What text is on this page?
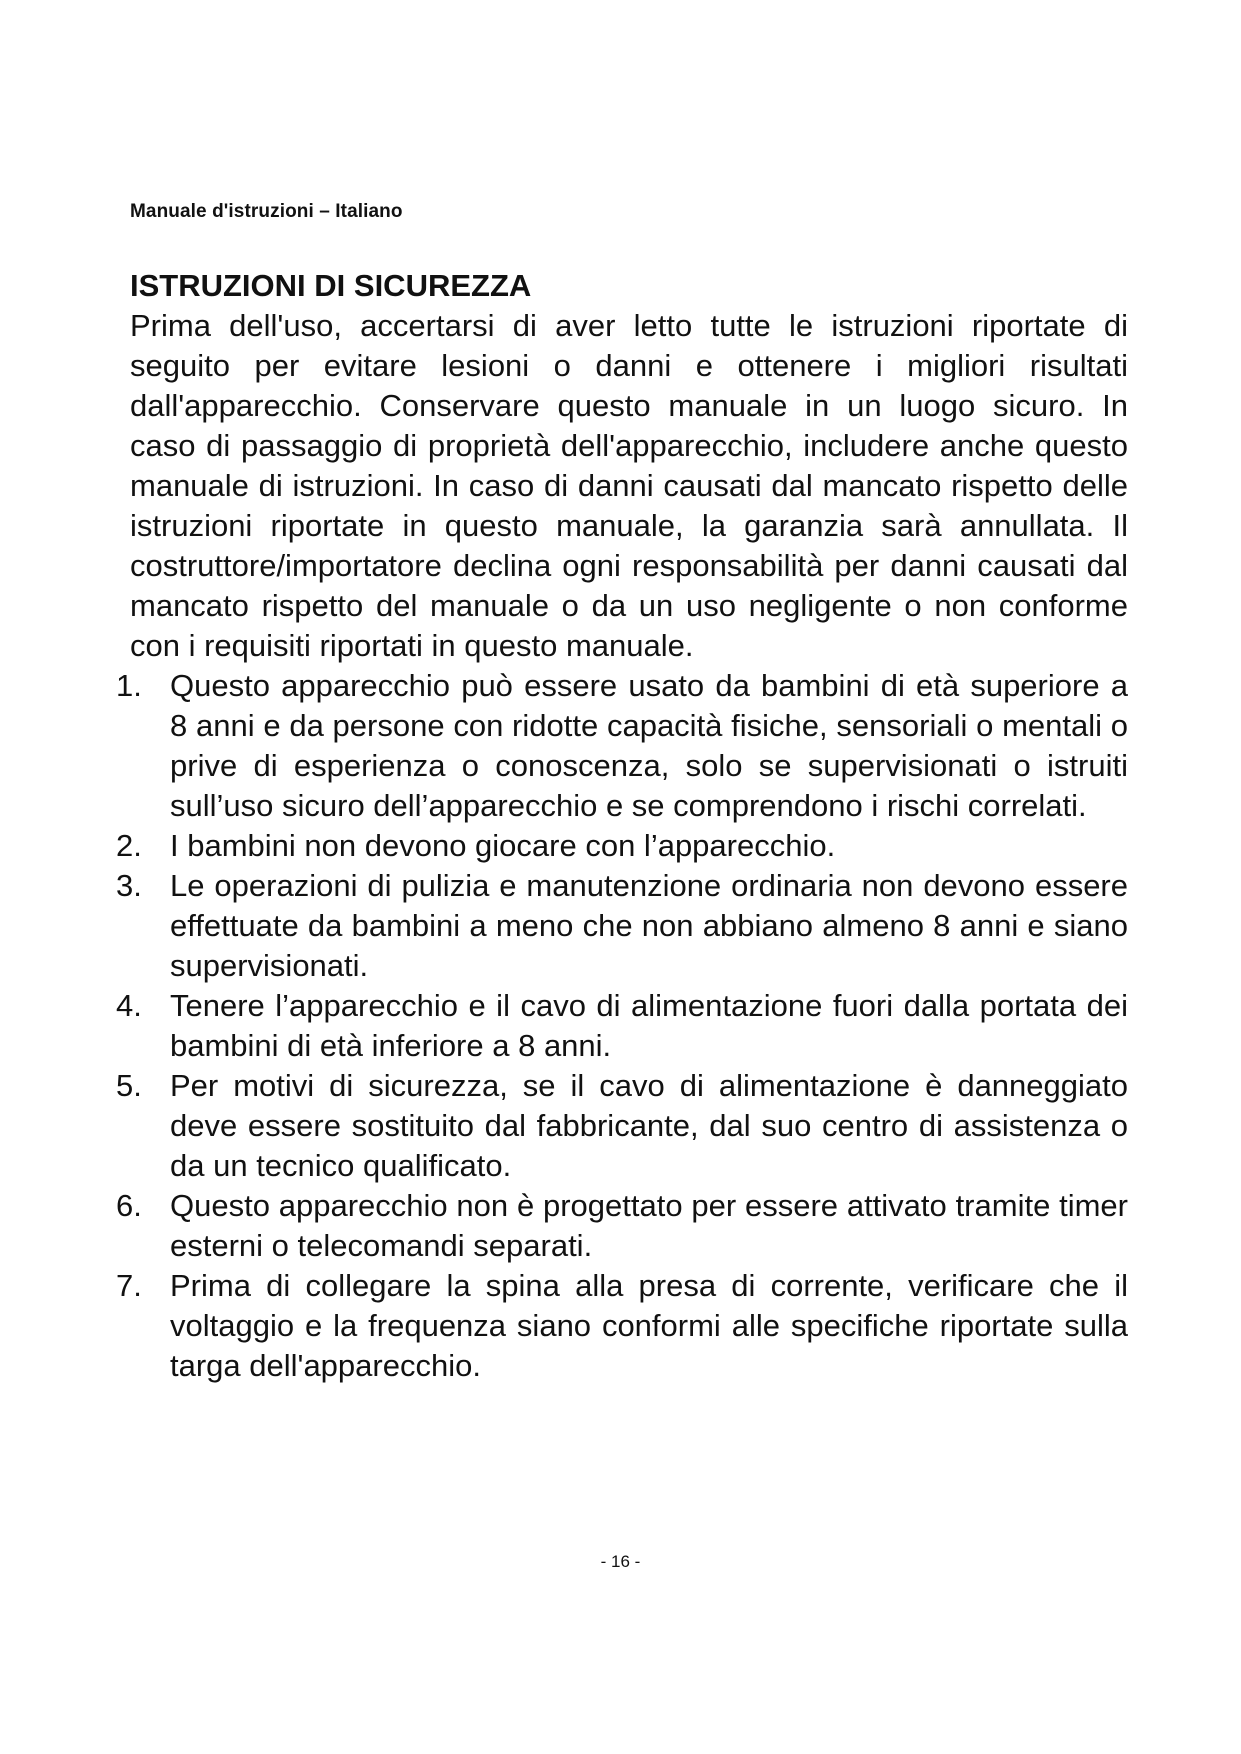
Manuale d'istruzioni – Italiano
ISTRUZIONI DI SICUREZZA

Prima dell'uso, accertarsi di aver letto tutte le istruzioni riportate di seguito per evitare lesioni o danni e ottenere i migliori risultati dall'apparecchio. Conservare questo manuale in un luogo sicuro. In caso di passaggio di proprietà dell'apparecchio, includere anche questo manuale di istruzioni. In caso di danni causati dal mancato rispetto delle istruzioni riportate in questo manuale, la garanzia sarà annullata. Il costruttore/importatore declina ogni responsabilità per danni causati dal mancato rispetto del manuale o da un uso negligente o non conforme con i requisiti riportati in questo manuale.

1. Questo apparecchio può essere usato da bambini di età superiore a 8 anni e da persone con ridotte capacità fisiche, sensoriali o mentali o prive di esperienza o conoscenza, solo se supervisionati o istruiti sull’uso sicuro dell’apparecchio e se comprendono i rischi correlati.
2. I bambini non devono giocare con l’apparecchio.
3. Le operazioni di pulizia e manutenzione ordinaria non devono essere effettuate da bambini a meno che non abbiano almeno 8 anni e siano supervisionati.
4. Tenere l’apparecchio e il cavo di alimentazione fuori dalla portata dei bambini di età inferiore a 8 anni.
5. Per motivi di sicurezza, se il cavo di alimentazione è danneggiato deve essere sostituito dal fabbricante, dal suo centro di assistenza o da un tecnico qualificato.
6. Questo apparecchio non è progettato per essere attivato tramite timer esterni o telecomandi separati.
7. Prima di collegare la spina alla presa di corrente, verificare che il voltaggio e la frequenza siano conformi alle specifiche riportate sulla targa dell'apparecchio.
- 16 -
